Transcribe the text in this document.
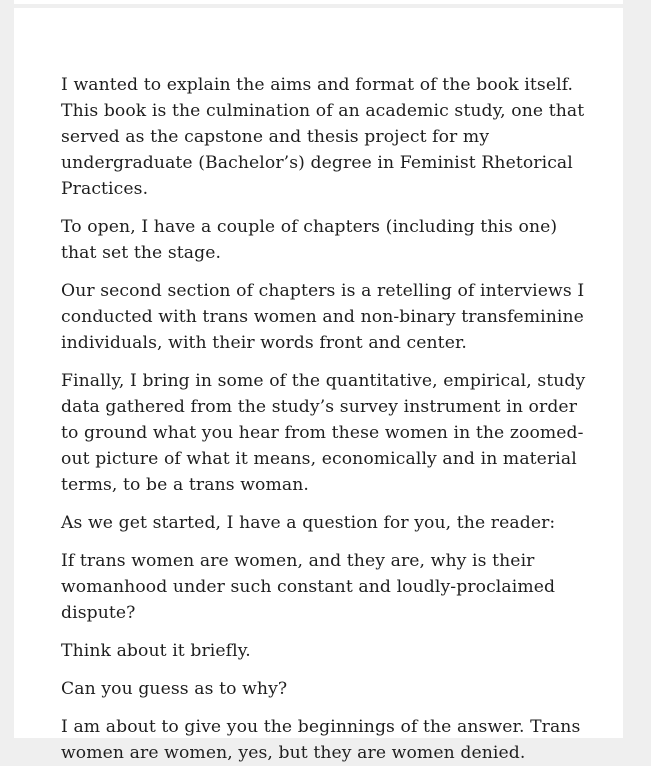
I wanted to explain the aims and format of the book itself. This book is the culmination of an academic study, one that served as the capstone and thesis project for my undergraduate (Bachelor’s) degree in Feminist Rhetorical Practices.

To open, I have a couple of chapters (including this one) that set the stage.

Our second section of chapters is a retelling of interviews I conducted with trans women and non-binary transfeminine individuals, with their words front and center.

Finally, I bring in some of the quantitative, empirical, study data gathered from the study’s survey instrument in order to ground what you hear from these women in the zoomed-out picture of what it means, economically and in material terms, to be a trans woman.

As we get started, I have a question for you, the reader:

If trans women are women, and they are, why is their womanhood under such constant and loudly-proclaimed dispute?

Think about it briefly.

Can you guess as to why?

I am about to give you the beginnings of the answer. Trans women are women, yes, but they are women denied.
